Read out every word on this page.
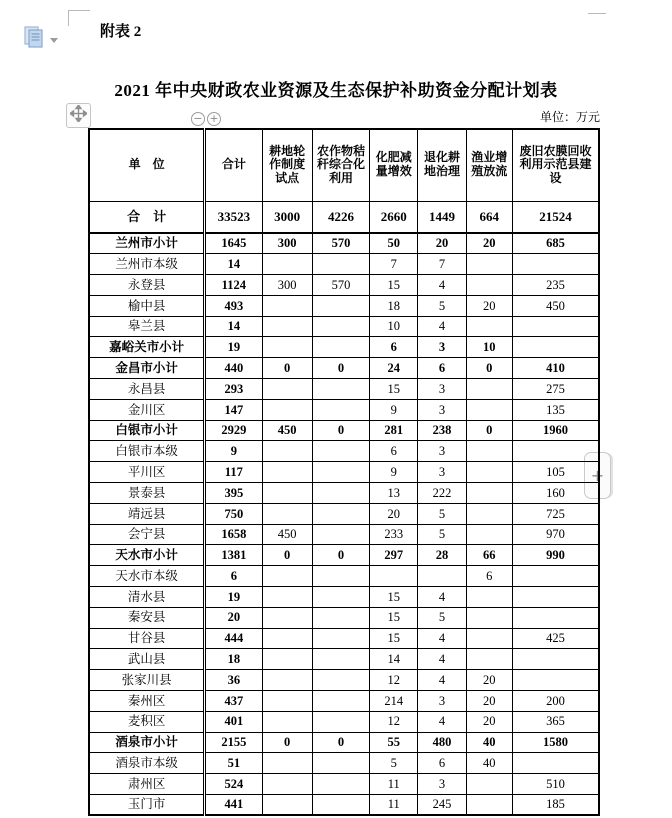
附表 2
2021 年中央财政农业资源及生态保护补助资金分配计划表
单位：万元
− +
+
单　位	合计	耕地轮作制度试点	农作物秸秆综合化利用	化肥减量增效	退化耕地治理	渔业增殖放流	废旧农膜回收利用示范县建设
合　计	33523	3000	4226	2660	1449	664	21524
兰州市小计	1645	300	570	50	20	20	685
兰州市本级	14			7	7		
永登县	1124	300	570	15	4		235
榆中县	493			18	5	20	450
皋兰县	14			10	4		
嘉峪关市小计	19			6	3	10	
金昌市小计	440	0	0	24	6	0	410
永昌县	293			15	3		275
金川区	147			9	3		135
白银市小计	2929	450	0	281	238	0	1960
白银市本级	9			6	3		
平川区	117			9	3		105
景泰县	395			13	222		160
靖远县	750			20	5		725
会宁县	1658	450		233	5		970
天水市小计	1381	0	0	297	28	66	990
天水市本级	6					6	
清水县	19			15	4		
秦安县	20			15	5		
甘谷县	444			15	4		425
武山县	18			14	4		
张家川县	36			12	4	20	
秦州区	437			214	3	20	200
麦积区	401			12	4	20	365
酒泉市小计	2155	0	0	55	480	40	1580
酒泉市本级	51			5	6	40	
肃州区	524			11	3		510
玉门市	441			11	245		185
